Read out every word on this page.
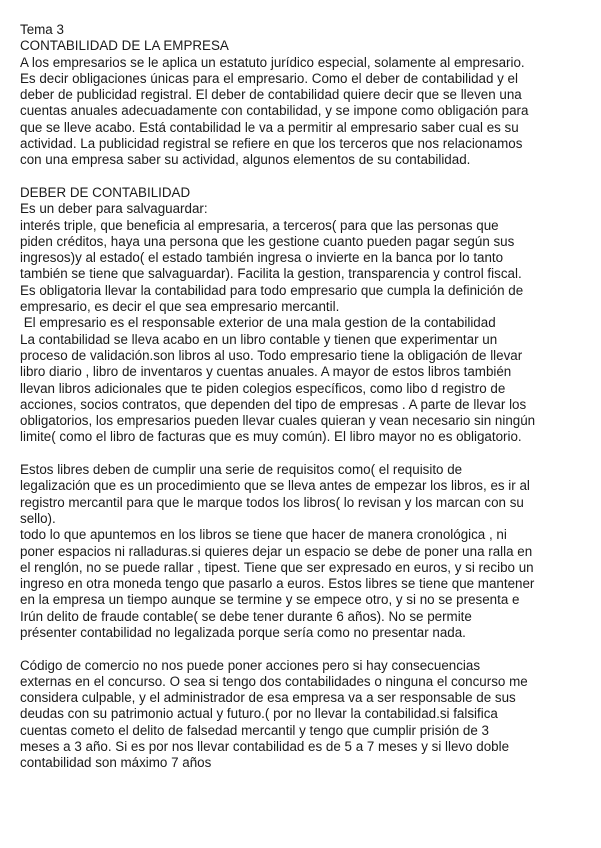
Tema 3
CONTABILIDAD DE LA EMPRESA
A los empresarios se le aplica un estatuto jurídico especial, solamente al empresario.
Es decir obligaciones únicas para el empresario. Como el deber de contabilidad y el
deber de publicidad registral. El deber de contabilidad quiere decir que se lleven una
cuentas anuales adecuadamente con contabilidad, y se impone como obligación para
que se lleve acabo. Está contabilidad le va a permitir al empresario saber cual es su
actividad. La publicidad registral se refiere en que los terceros que nos relacionamos
con una empresa saber su actividad, algunos elementos de su contabilidad.
DEBER DE CONTABILIDAD
Es un deber para salvaguardar:
interés triple, que beneficia al empresaria, a terceros( para que las personas que
piden créditos, haya una persona que les gestione cuanto pueden pagar según sus
ingresos)y al estado( el estado también ingresa o invierte en la banca por lo tanto
también se tiene que salvaguardar). Facilita la gestion, transparencia y control fiscal.
Es obligatoria llevar la contabilidad para todo empresario que cumpla la definición de
empresario, es decir el que sea empresario mercantil.
El empresario es el responsable exterior de una mala gestion de la contabilidad
La contabilidad se lleva acabo en un libro contable y tienen que experimentar un
proceso de validación.son libros al uso. Todo empresario tiene la obligación de llevar
libro diario , libro de inventaros y cuentas anuales. A mayor de estos libros también
llevan libros adicionales que te piden colegios específicos, como libo d registro de
acciones, socios contratos, que dependen del tipo de empresas . A parte de llevar los
obligatorios, los empresarios pueden llevar cuales quieran y vean necesario sin ningún
limite( como el libro de facturas que es muy común). El libro mayor no es obligatorio.
Estos libres deben de cumplir una serie de requisitos como( el requisito de
legalización que es un procedimiento que se lleva antes de empezar los libros, es ir al
registro mercantil para que le marque todos los libros( lo revisan y los marcan con su
sello).
todo lo que apuntemos en los libros se tiene que hacer de manera cronológica , ni
poner espacios ni ralladuras.si quieres dejar un espacio se debe de poner una ralla en
el renglón, no se puede rallar , tipest. Tiene que ser expresado en euros, y si recibo un
ingreso en otra moneda tengo que pasarlo a euros. Estos libres se tiene que mantener
en la empresa un tiempo aunque se termine y se empece otro, y si no se presenta e
Irún delito de fraude contable( se debe tener durante 6 años). No se permite
présenter contabilidad no legalizada porque sería como no presentar nada.
Código de comercio no nos puede poner acciones pero si hay consecuencias
externas en el concurso. O sea si tengo dos contabilidades o ninguna el concurso me
considera culpable, y el administrador de esa empresa va a ser responsable de sus
deudas con su patrimonio actual y futuro.( por no llevar la contabilidad.si falsifica
cuentas cometo el delito de falsedad mercantil y tengo que cumplir prisión de 3
meses a 3 año. Si es por nos llevar contabilidad es de 5 a 7 meses y si llevo doble
contabilidad son máximo 7 años
